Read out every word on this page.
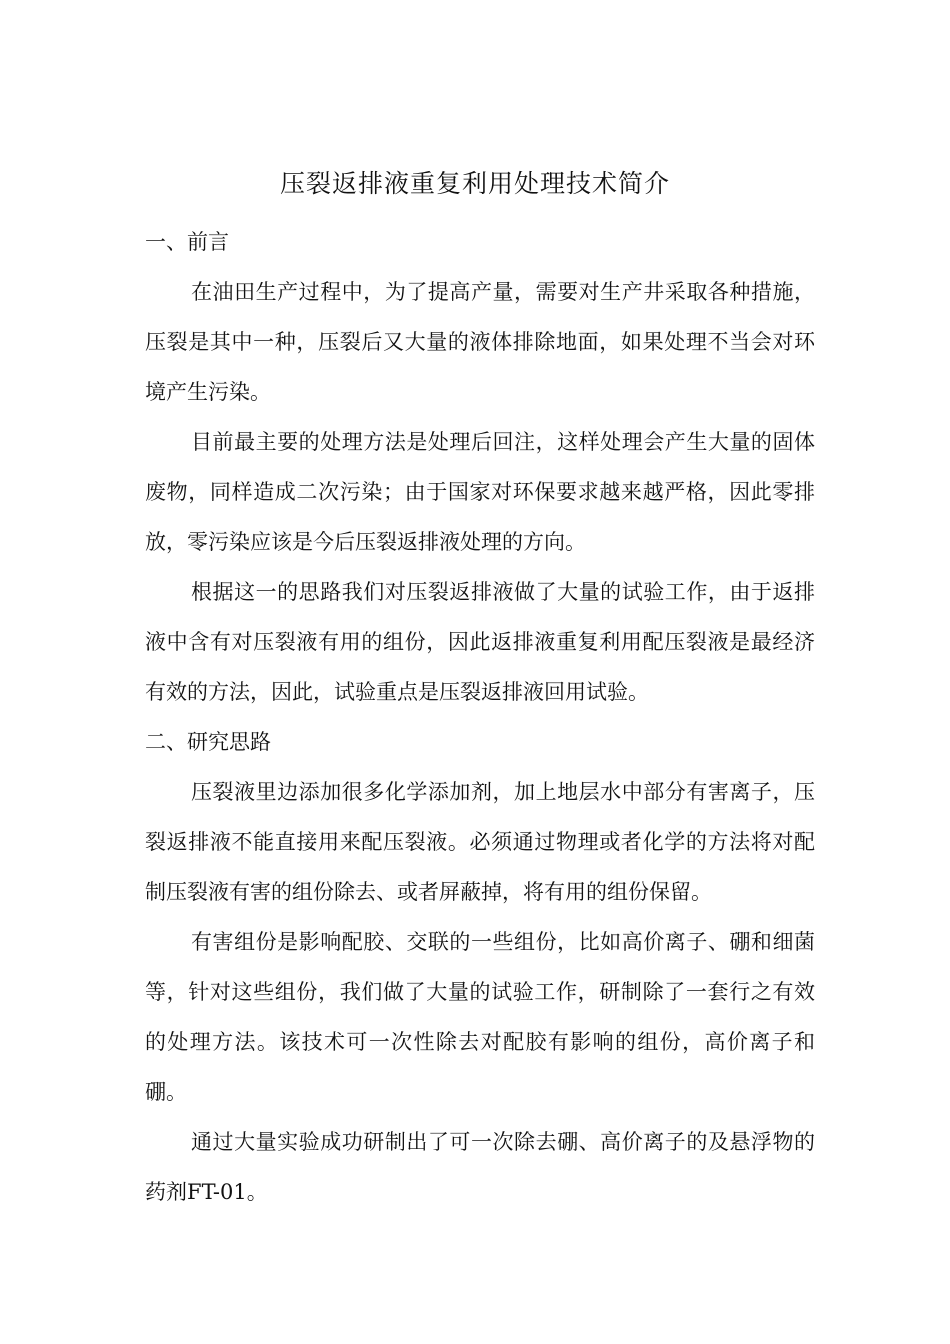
压裂返排液重复利用处理技术简介

一、前言

在油田生产过程中，为了提高产量，需要对生产井采取各种措施，压裂是其中一种，压裂后又大量的液体排除地面，如果处理不当会对环境产生污染。

目前最主要的处理方法是处理后回注，这样处理会产生大量的固体废物，同样造成二次污染；由于国家对环保要求越来越严格，因此零排放，零污染应该是今后压裂返排液处理的方向。

根据这一的思路我们对压裂返排液做了大量的试验工作，由于返排液中含有对压裂液有用的组份，因此返排液重复利用配压裂液是最经济有效的方法，因此，试验重点是压裂返排液回用试验。

二、研究思路

压裂液里边添加很多化学添加剂，加上地层水中部分有害离子，压裂返排液不能直接用来配压裂液。必须通过物理或者化学的方法将对配制压裂液有害的组份除去、或者屏蔽掉，将有用的组份保留。

有害组份是影响配胶、交联的一些组份，比如高价离子、硼和细菌等，针对这些组份，我们做了大量的试验工作，研制除了一套行之有效的处理方法。该技术可一次性除去对配胶有影响的组份，高价离子和硼。

通过大量实验成功研制出了可一次除去硼、高价离子的及悬浮物的药剂FT-01。
